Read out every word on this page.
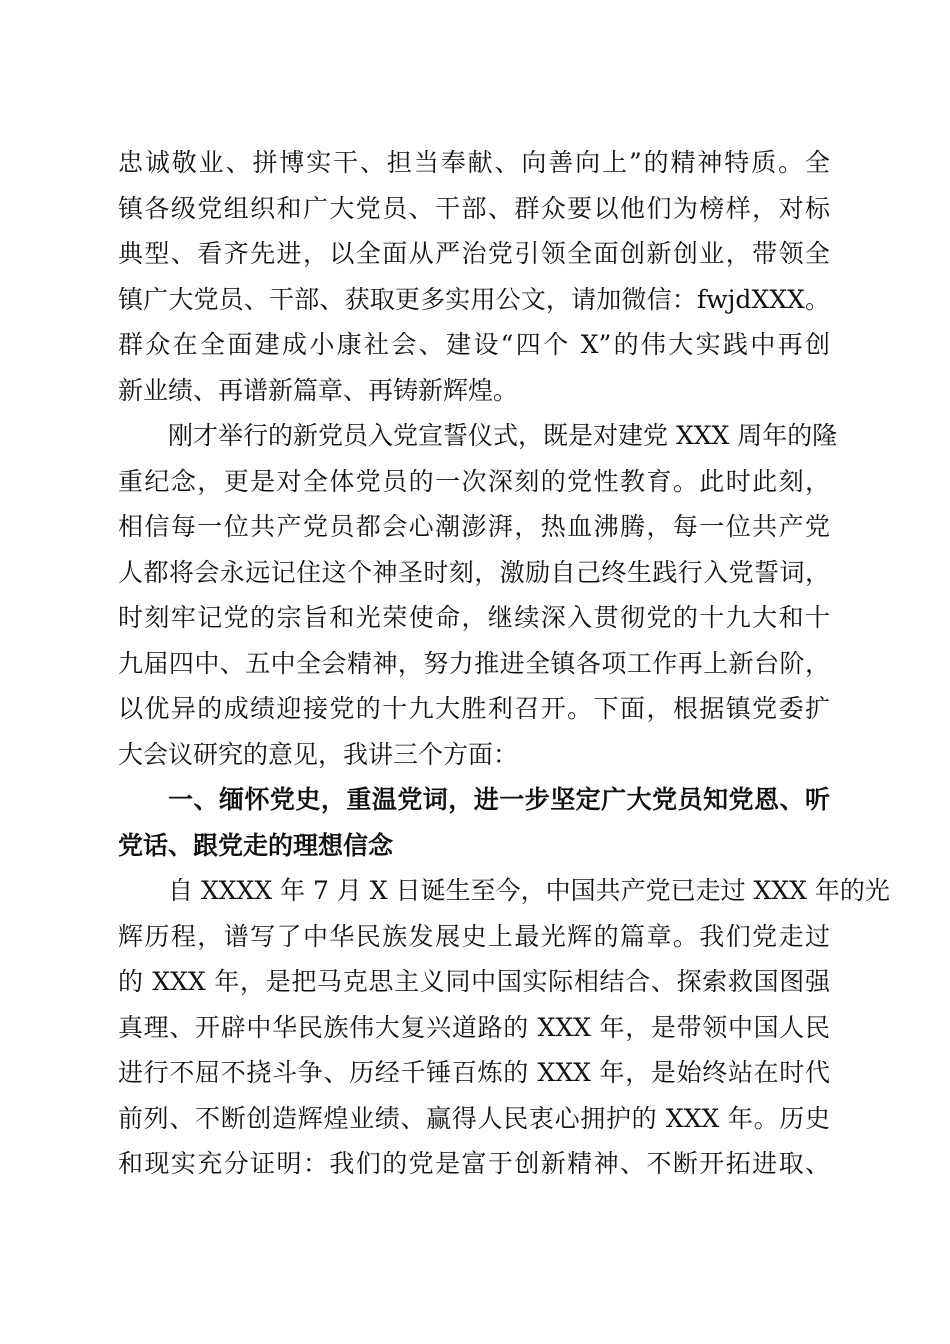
忠诚敬业、拼博实干、担当奉献、向善向上”的精神特质。全
镇各级党组织和广大党员、干部、群众要以他们为榜样，对标
典型、看齐先进，以全面从严治党引领全面创新创业，带领全
镇广大党员、干部、获取更多实用公文，请加微信：fwjdXXX。
群众在全面建成小康社会、建设“四个 X”的伟大实践中再创
新业绩、再谱新篇章、再铸新辉煌。
刚才举行的新党员入党宣誓仪式，既是对建党 XXX 周年的隆
重纪念，更是对全体党员的一次深刻的党性教育。此时此刻，
相信每一位共产党员都会心潮澎湃，热血沸腾，每一位共产党
人都将会永远记住这个神圣时刻，激励自己终生践行入党誓词，
时刻牢记党的宗旨和光荣使命，继续深入贯彻党的十九大和十
九届四中、五中全会精神，努力推进全镇各项工作再上新台阶，
以优异的成绩迎接党的十九大胜利召开。下面，根据镇党委扩
大会议研究的意见，我讲三个方面：
一、缅怀党史，重温党词，进一步坚定广大党员知党恩、听
党话、跟党走的理想信念
自 XXXX 年 7 月 X 日诞生至今，中国共产党已走过 XXX 年的光
辉历程，谱写了中华民族发展史上最光辉的篇章。我们党走过
的 XXX 年，是把马克思主义同中国实际相结合、探索救国图强
真理、开辟中华民族伟大复兴道路的 XXX 年，是带领中国人民
进行不屈不挠斗争、历经千锤百炼的 XXX 年，是始终站在时代
前列、不断创造辉煌业绩、赢得人民衷心拥护的 XXX 年。历史
和现实充分证明：我们的党是富于创新精神、不断开拓进取、
